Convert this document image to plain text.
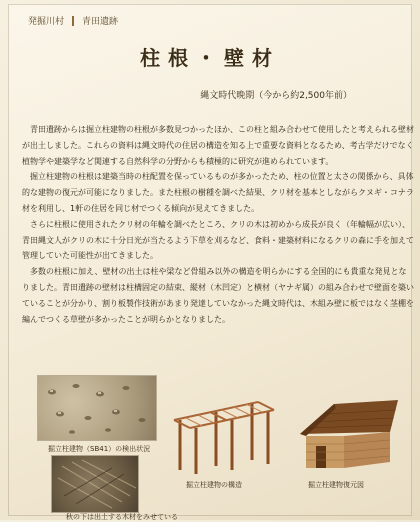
発掘川村 青田遺跡
柱根・壁材
縄文時代晩期（今から約2,500年前）

青田遺跡からは掘立柱建物の柱根が多数見つかったほか、この柱と組み合わせて使用したと考えられる壁材が出土しました。これらの資料は縄文時代の住居の構造を知る上で重要な資料となるため、考古学だけでなく植物学や建築学など関連する自然科学の分野からも積極的に研究が進められています。

掘立柱建物の柱根は建築当時の柱配置を保っているものが多かったため、柱の位置と太さの関係から、具体的な建物の復元が可能になりました。また柱根の樹種を調べた結果、クリ材を基本としながらクヌギ・コナラ材を利用し、1軒の住居を同じ材でつくる傾向が見えてきました。

さらに柱根に使用されたクリ材の年輪を調べたところ、クリの木は初めから成長が良く（年輪幅が広い）、青田縄文人がクリの木に十分日光が当たるよう下草を刈るなど、食料・建築材料になるクリの森に手を加えて管理していた可能性が出てきました。

多数の柱根に加え、壁材の出土は柱や梁など骨組み以外の構造を明らかにする全国的にも貴重な発見となりました。青田遺跡の壁材は柱構固定の結束、縦材（木凹定）と横材（ヤナギ属）の組み合わせで壁面を築いていることが分かり、割り板製作技術があまり発達していなかった縄文時代は、木組み壁に板ではなく茎棚を編んでつくる草壁が多かったことが明らかとなりました。

掘立柱建物（SB41）の検出状況
掘立柱建物の構造	掘立柱建物復元図
秋の下は出土する木材をみせている
